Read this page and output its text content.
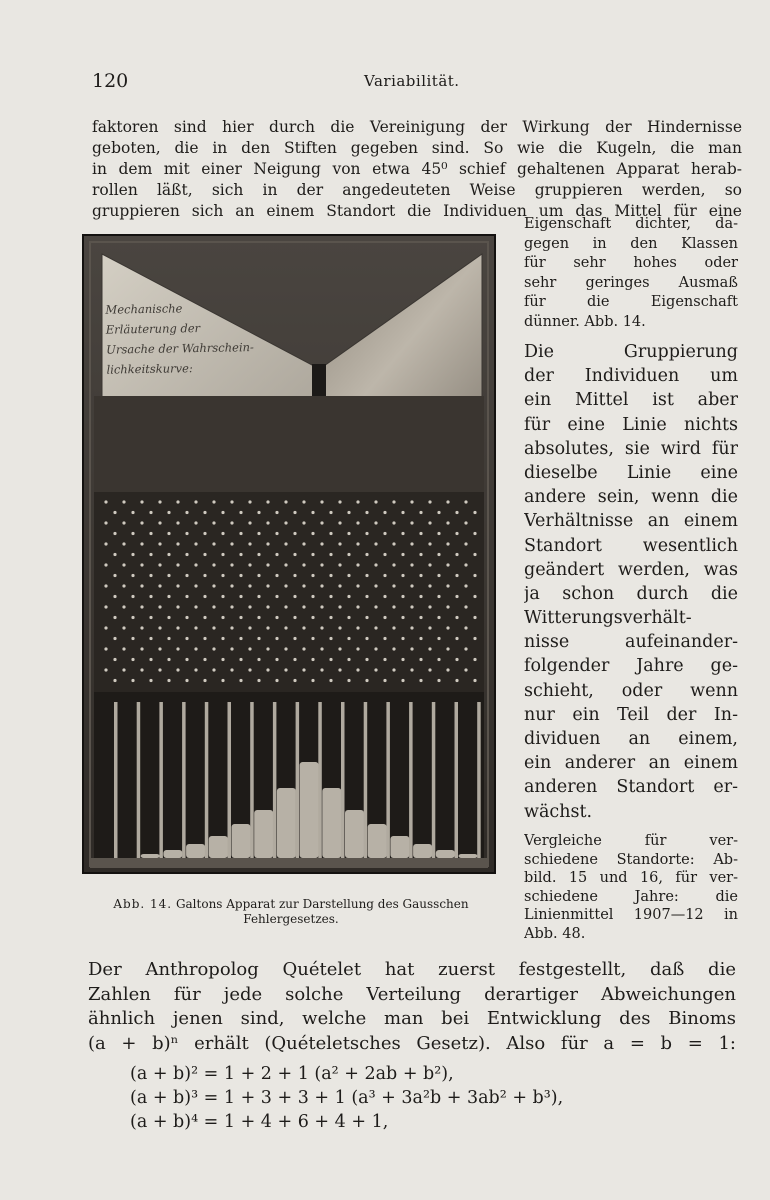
120	Variabilität.
faktoren sind hier durch die Vereinigung der Wirkung der Hindernisse
geboten, die in den Stiften gegeben sind. So wie die Kugeln, die man
in dem mit einer Neigung von etwa 45⁰ schief gehaltenen Apparat herab-
rollen läßt, sich in der angedeuteten Weise gruppieren werden, so
gruppieren sich an einem Standort die Individuen um das Mittel für eine
Mechanische
Erläuterung der
Ursache der Wahrschein-
lichkeitskurve:
Abb. 14. Galtons Apparat zur Darstellung des Gausschen Fehlergesetzes.
Eigenschaft dichter, da-
gegen in den Klassen
für sehr hohes oder
sehr geringes Ausmaß
für die Eigenschaft
dünner. Abb. 14.
Die Gruppierung
der Individuen um
ein Mittel ist aber
für eine Linie nichts
absolutes, sie wird für
dieselbe Linie eine
andere sein, wenn die
Verhältnisse an einem
Standort wesentlich
geändert werden, was
ja schon durch die
Witterungsverhält-
nisse aufeinander-
folgender Jahre ge-
schieht, oder wenn
nur ein Teil der In-
dividuen an einem,
ein anderer an einem
anderen Standort er-
wächst.
Vergleiche für ver-
schiedene Standorte: Ab-
bild. 15 und 16, für ver-
schiedene Jahre: die
Linienmittel 1907—12 in
Abb. 48.
Der Anthropolog Quételet hat zuerst festgestellt, daß die
Zahlen für jede solche Verteilung derartiger Abweichungen
ähnlich jenen sind, welche man bei Entwicklung des Binoms
(a + b)ⁿ erhält (Quételetsches Gesetz). Also für a = b = 1:
(a + b)² = 1 + 2 + 1 (a² + 2ab + b²),
(a + b)³ = 1 + 3 + 3 + 1 (a³ + 3a²b + 3ab² + b³),
(a + b)⁴ = 1 + 4 + 6 + 4 + 1,
